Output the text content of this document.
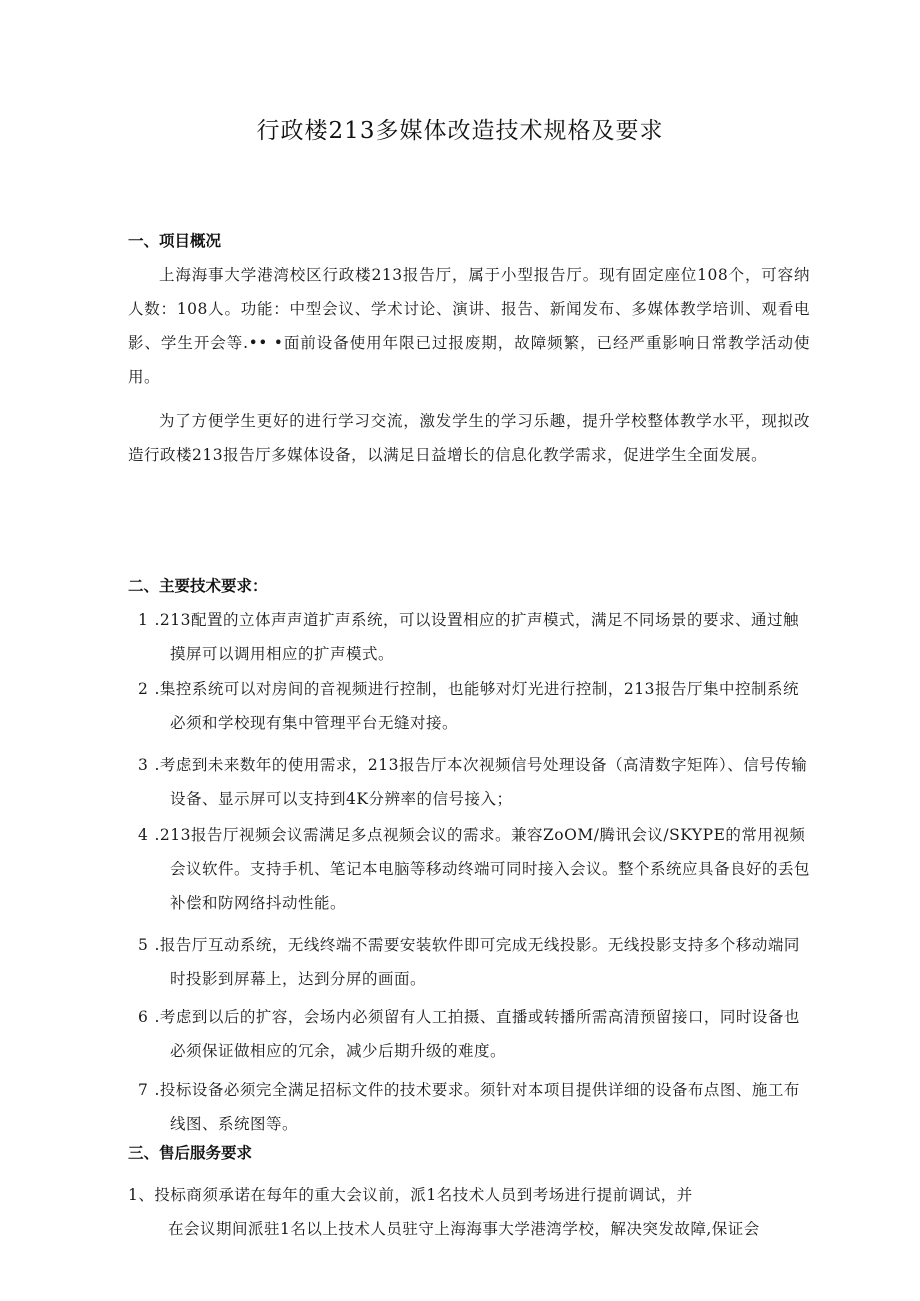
行政楼213多媒体改造技术规格及要求
一、项目概况
上海海事大学港湾校区行政楼213报告厅，属于小型报告厅。现有固定座位108个，可容纳人数：108人。功能：中型会议、学术讨论、演讲、报告、新闻发布、多媒体教学培训、观看电影、学生开会等.•• •面前设备使用年限已过报废期，故障频繁，已经严重影响日常教学活动使用。
为了方便学生更好的进行学习交流，激发学生的学习乐趣，提升学校整体教学水平，现拟改造行政楼213报告厅多媒体设备，以满足日益增长的信息化教学需求，促进学生全面发展。
二、主要技术要求：
1 .213配置的立体声声道扩声系统，可以设置相应的扩声模式，满足不同场景的要求、通过触摸屏可以调用相应的扩声模式。
2 .集控系统可以对房间的音视频进行控制，也能够对灯光进行控制，213报告厅集中控制系统必须和学校现有集中管理平台无缝对接。
3 .考虑到未来数年的使用需求，213报告厅本次视频信号处理设备（高清数字矩阵）、信号传输设备、显示屏可以支持到4K分辨率的信号接入；
4 .213报告厅视频会议需满足多点视频会议的需求。兼容ZoOM/腾讯会议/SKYPE的常用视频会议软件。支持手机、笔记本电脑等移动终端可同时接入会议。整个系统应具备良好的丢包补偿和防网络抖动性能。
5 .报告厅互动系统，无线终端不需要安装软件即可完成无线投影。无线投影支持多个移动端同时投影到屏幕上，达到分屏的画面。
6 .考虑到以后的扩容，会场内必须留有人工拍摄、直播或转播所需高清预留接口，同时设备也必须保证做相应的冗余，减少后期升级的难度。
7 .投标设备必须完全满足招标文件的技术要求。须针对本项目提供详细的设备布点图、施工布线图、系统图等。
三、售后服务要求
1、投标商须承诺在每年的重大会议前，派1名技术人员到考场进行提前调试，并
在会议期间派驻1名以上技术人员驻守上海海事大学港湾学校，解决突发故障,保证会
